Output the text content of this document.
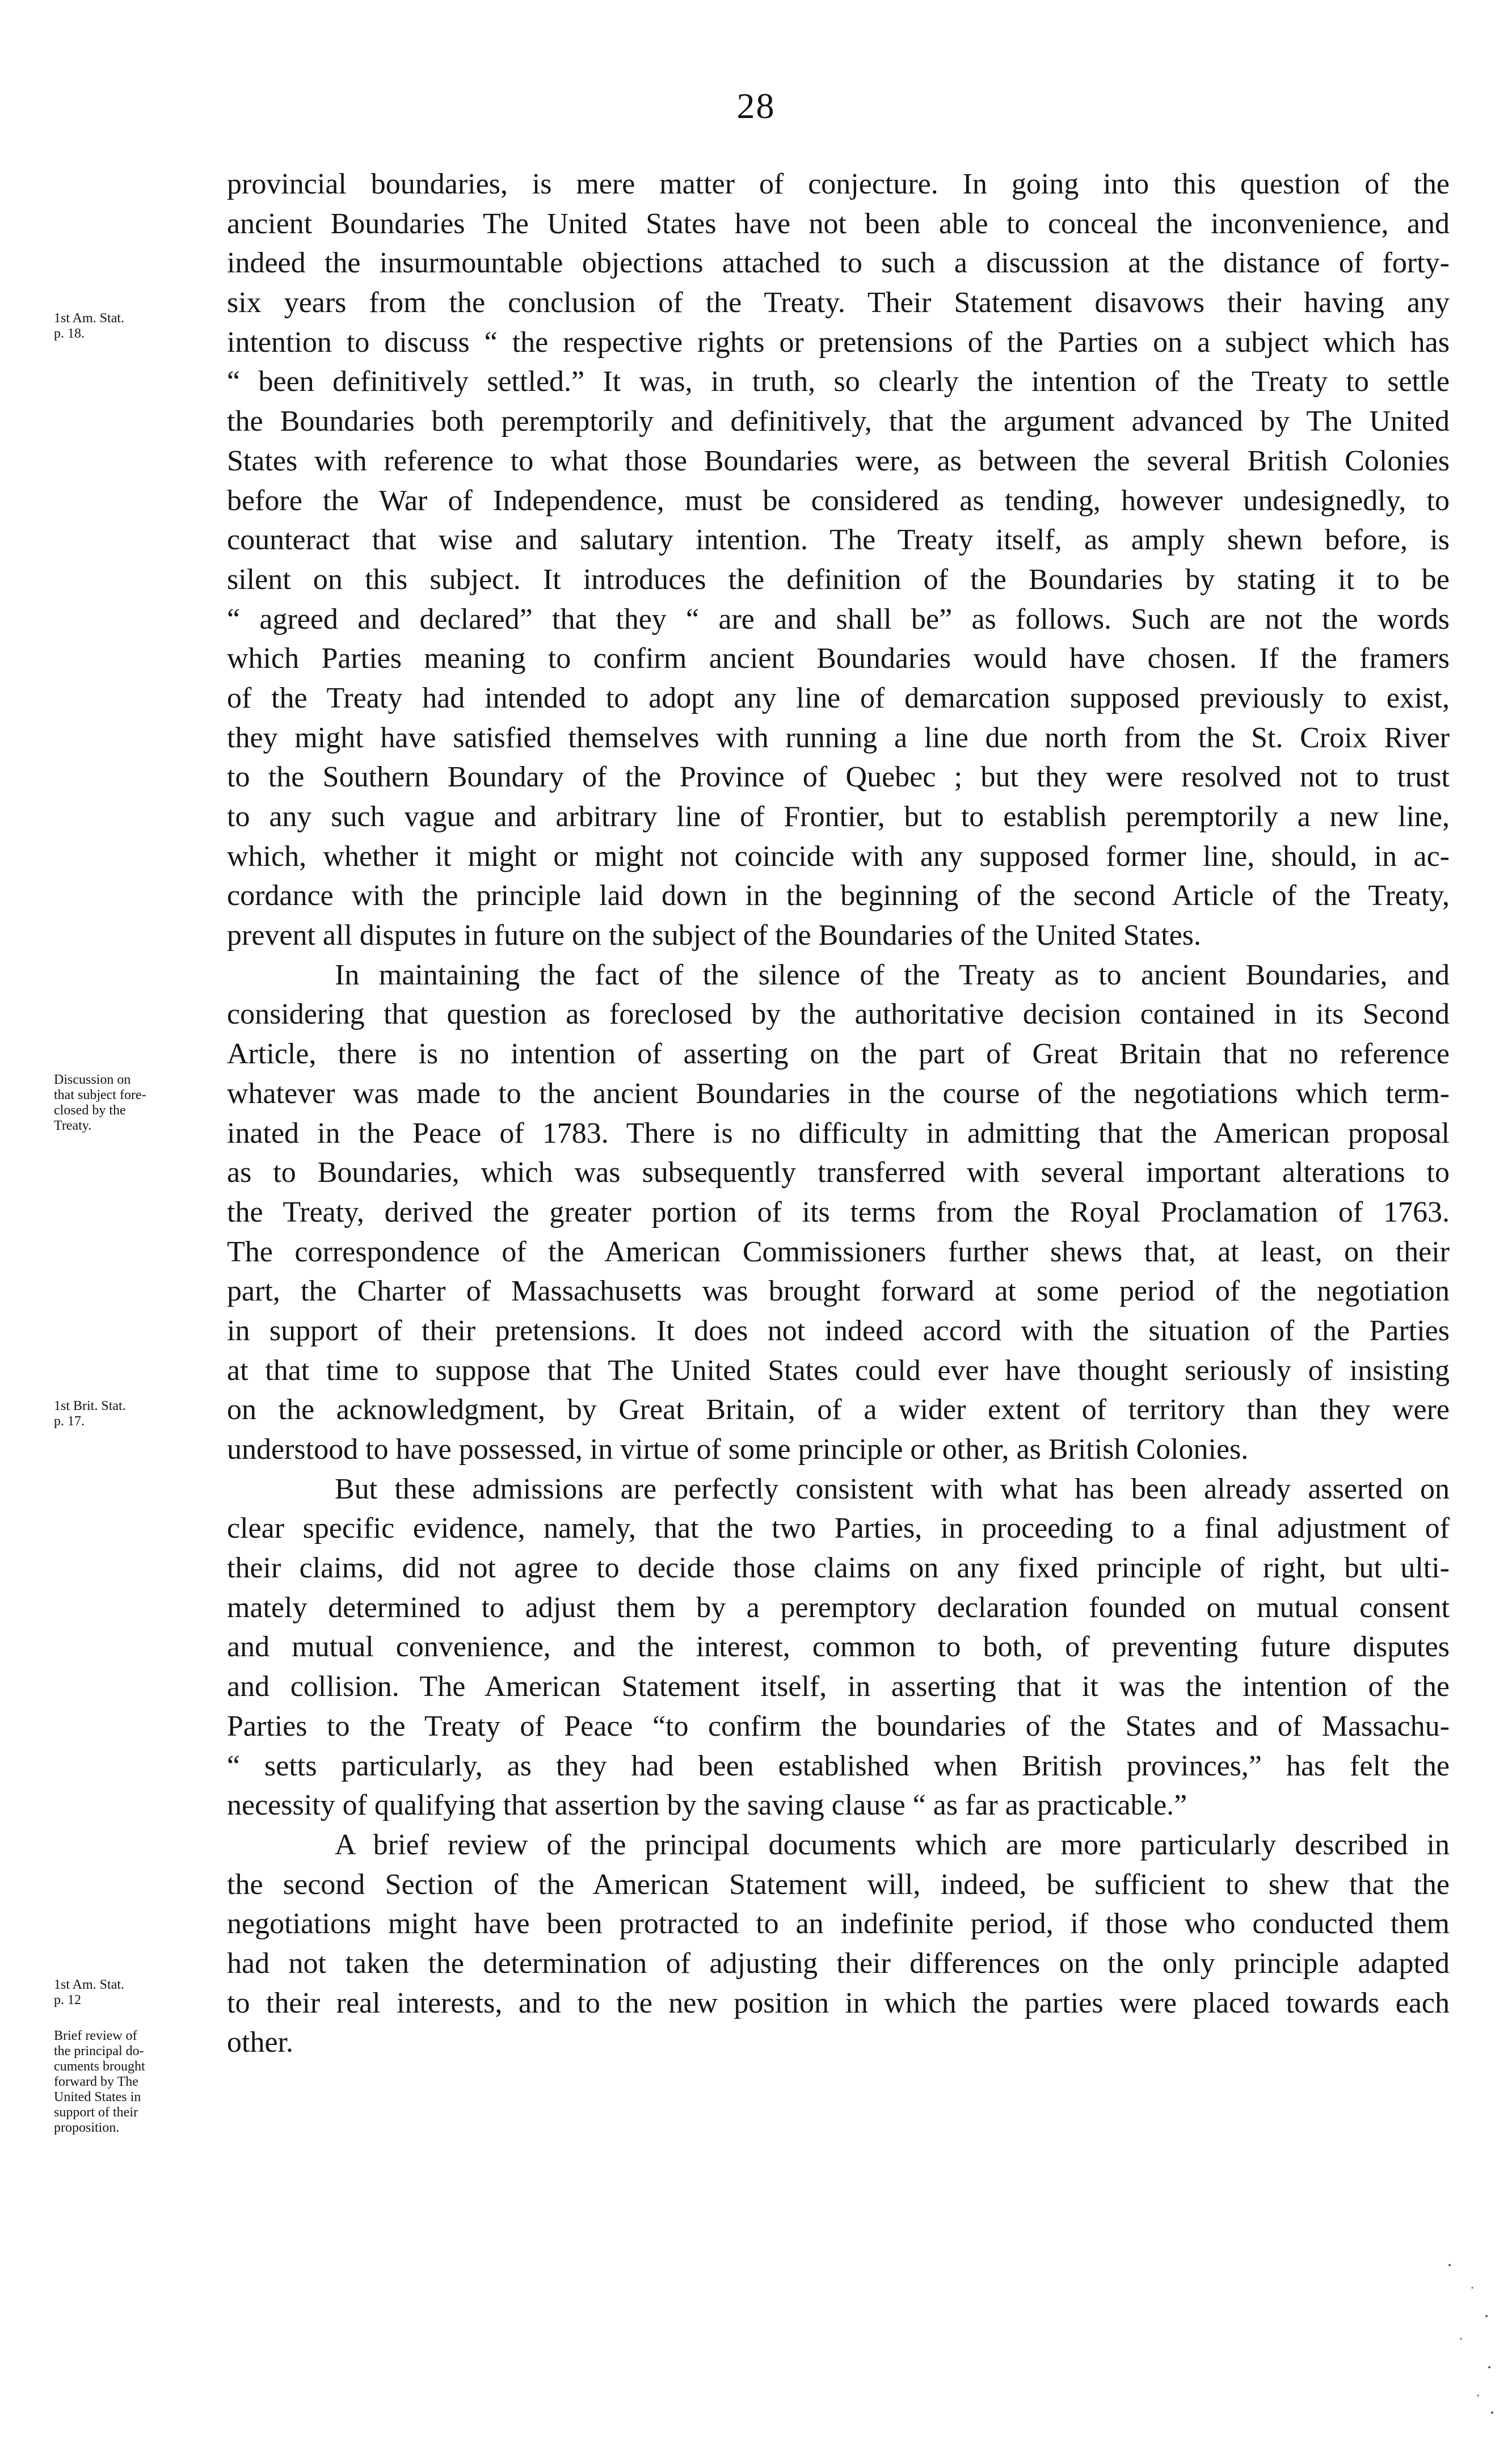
28
1st Am. Stat.
p. 18.
Discussion on
that subject fore-
closed by the
Treaty.
1st Brit. Stat.
p. 17.
1st Am. Stat.
p. 12
Brief review of
the principal do-
cuments brought
forward by The
United States in
support of their
proposition.
provincial boundaries, is mere matter of conjecture. In going into this question of the
ancient Boundaries The United States have not been able to conceal the inconvenience, and
indeed the insurmountable objections attached to such a discussion at the distance of forty-
six years from the conclusion of the Treaty. Their Statement disavows their having any
intention to discuss “ the respective rights or pretensions of the Parties on a subject which has
“ been definitively settled.” It was, in truth, so clearly the intention of the Treaty to settle
the Boundaries both peremptorily and definitively, that the argument advanced by The United
States with reference to what those Boundaries were, as between the several British Colonies
before the War of Independence, must be considered as tending, however undesignedly, to
counteract that wise and salutary intention. The Treaty itself, as amply shewn before, is
silent on this subject. It introduces the definition of the Boundaries by stating it to be
“ agreed and declared” that they “ are and shall be” as follows. Such are not the words
which Parties meaning to confirm ancient Boundaries would have chosen. If the framers
of the Treaty had intended to adopt any line of demarcation supposed previously to exist,
they might have satisfied themselves with running a line due north from the St. Croix River
to the Southern Boundary of the Province of Quebec ; but they were resolved not to trust
to any such vague and arbitrary line of Frontier, but to establish peremptorily a new line,
which, whether it might or might not coincide with any supposed former line, should, in ac-
cordance with the principle laid down in the beginning of the second Article of the Treaty,
prevent all disputes in future on the subject of the Boundaries of the United States.
In maintaining the fact of the silence of the Treaty as to ancient Boundaries, and
considering that question as foreclosed by the authoritative decision contained in its Second
Article, there is no intention of asserting on the part of Great Britain that no reference
whatever was made to the ancient Boundaries in the course of the negotiations which term-
inated in the Peace of 1783. There is no difficulty in admitting that the American proposal
as to Boundaries, which was subsequently transferred with several important alterations to
the Treaty, derived the greater portion of its terms from the Royal Proclamation of 1763.
The correspondence of the American Commissioners further shews that, at least, on their
part, the Charter of Massachusetts was brought forward at some period of the negotiation
in support of their pretensions. It does not indeed accord with the situation of the Parties
at that time to suppose that The United States could ever have thought seriously of insisting
on the acknowledgment, by Great Britain, of a wider extent of territory than they were
understood to have possessed, in virtue of some principle or other, as British Colonies.
But these admissions are perfectly consistent with what has been already asserted on
clear specific evidence, namely, that the two Parties, in proceeding to a final adjustment of
their claims, did not agree to decide those claims on any fixed principle of right, but ulti-
mately determined to adjust them by a peremptory declaration founded on mutual consent
and mutual convenience, and the interest, common to both, of preventing future disputes
and collision. The American Statement itself, in asserting that it was the intention of the
Parties to the Treaty of Peace “to confirm the boundaries of the States and of Massachu-
“ setts particularly, as they had been established when British provinces,” has felt the
necessity of qualifying that assertion by the saving clause “ as far as practicable.”
A brief review of the principal documents which are more particularly described in
the second Section of the American Statement will, indeed, be sufficient to shew that the
negotiations might have been protracted to an indefinite period, if those who conducted them
had not taken the determination of adjusting their differences on the only principle adapted
to their real interests, and to the new position in which the parties were placed towards each
other.
